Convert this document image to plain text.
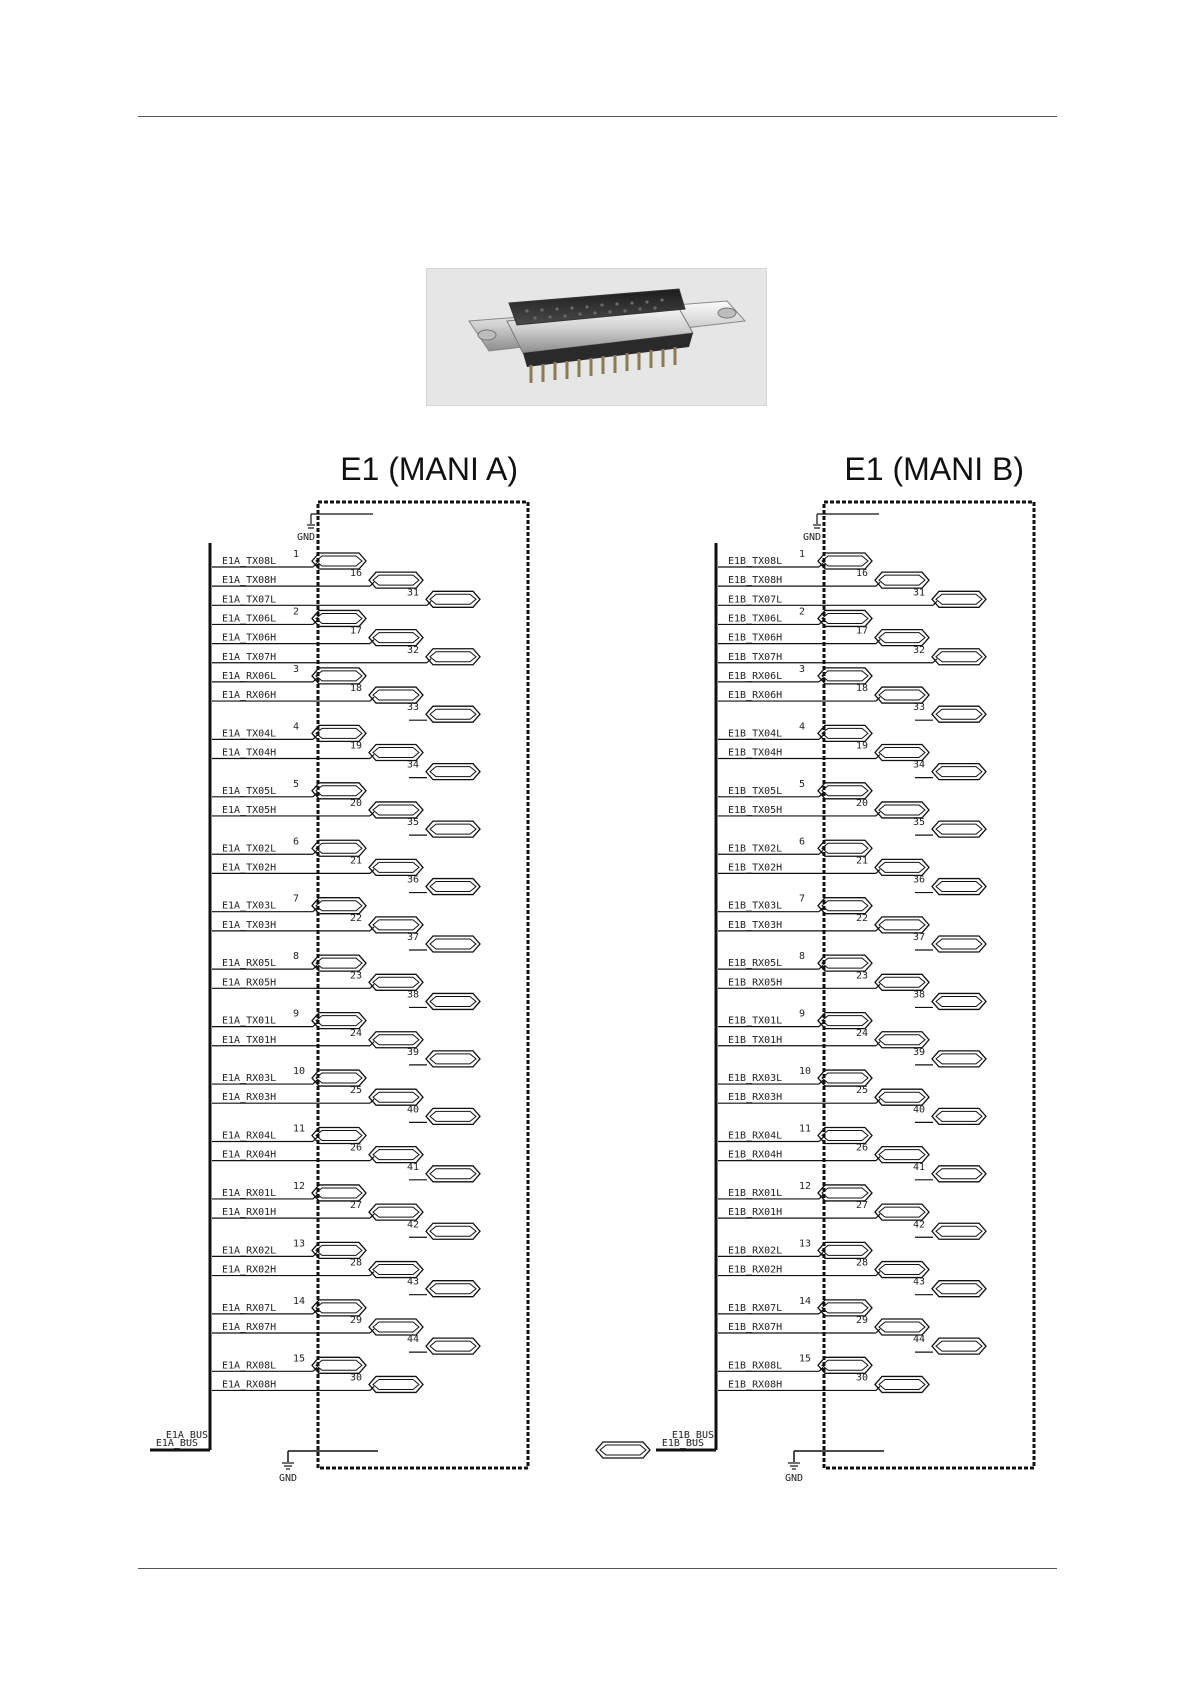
E1 (MANI A)
GND
GND
E1A_BUS
E1A_BUS
E1A_TX08L
1
E1A_TX08H
16
E1A_TX07L
31
E1A_TX06L
2
E1A_TX06H
17
E1A_TX07H
32
E1A_RX06L
3
E1A_RX06H
18
E1A_TX04L
4
E1A_TX04H
19
E1A_TX05L
5
E1A_TX05H
20
E1A_TX02L
6
E1A_TX02H
21
E1A_TX03L
7
E1A_TX03H
22
E1A_RX05L
8
E1A_RX05H
23
E1A_TX01L
9
E1A_TX01H
24
E1A_RX03L
10
E1A_RX03H
25
E1A_RX04L
11
E1A_RX04H
26
E1A_RX01L
12
E1A_RX01H
27
E1A_RX02L
13
E1A_RX02H
28
E1A_RX07L
14
E1A_RX07H
29
E1A_RX08L
15
E1A_RX08H
30
33
34
35
36
37
38
39
40
41
42
43
44
E1 (MANI B)
GND
GND
E1B_BUS
E1B_BUS
E1B_TX08L
1
E1B_TX08H
16
E1B_TX07L
31
E1B_TX06L
2
E1B_TX06H
17
E1B_TX07H
32
E1B_RX06L
3
E1B_RX06H
18
E1B_TX04L
4
E1B_TX04H
19
E1B_TX05L
5
E1B_TX05H
20
E1B_TX02L
6
E1B_TX02H
21
E1B_TX03L
7
E1B_TX03H
22
E1B_RX05L
8
E1B_RX05H
23
E1B_TX01L
9
E1B_TX01H
24
E1B_RX03L
10
E1B_RX03H
25
E1B_RX04L
11
E1B_RX04H
26
E1B_RX01L
12
E1B_RX01H
27
E1B_RX02L
13
E1B_RX02H
28
E1B_RX07L
14
E1B_RX07H
29
E1B_RX08L
15
E1B_RX08H
30
33
34
35
36
37
38
39
40
41
42
43
44
